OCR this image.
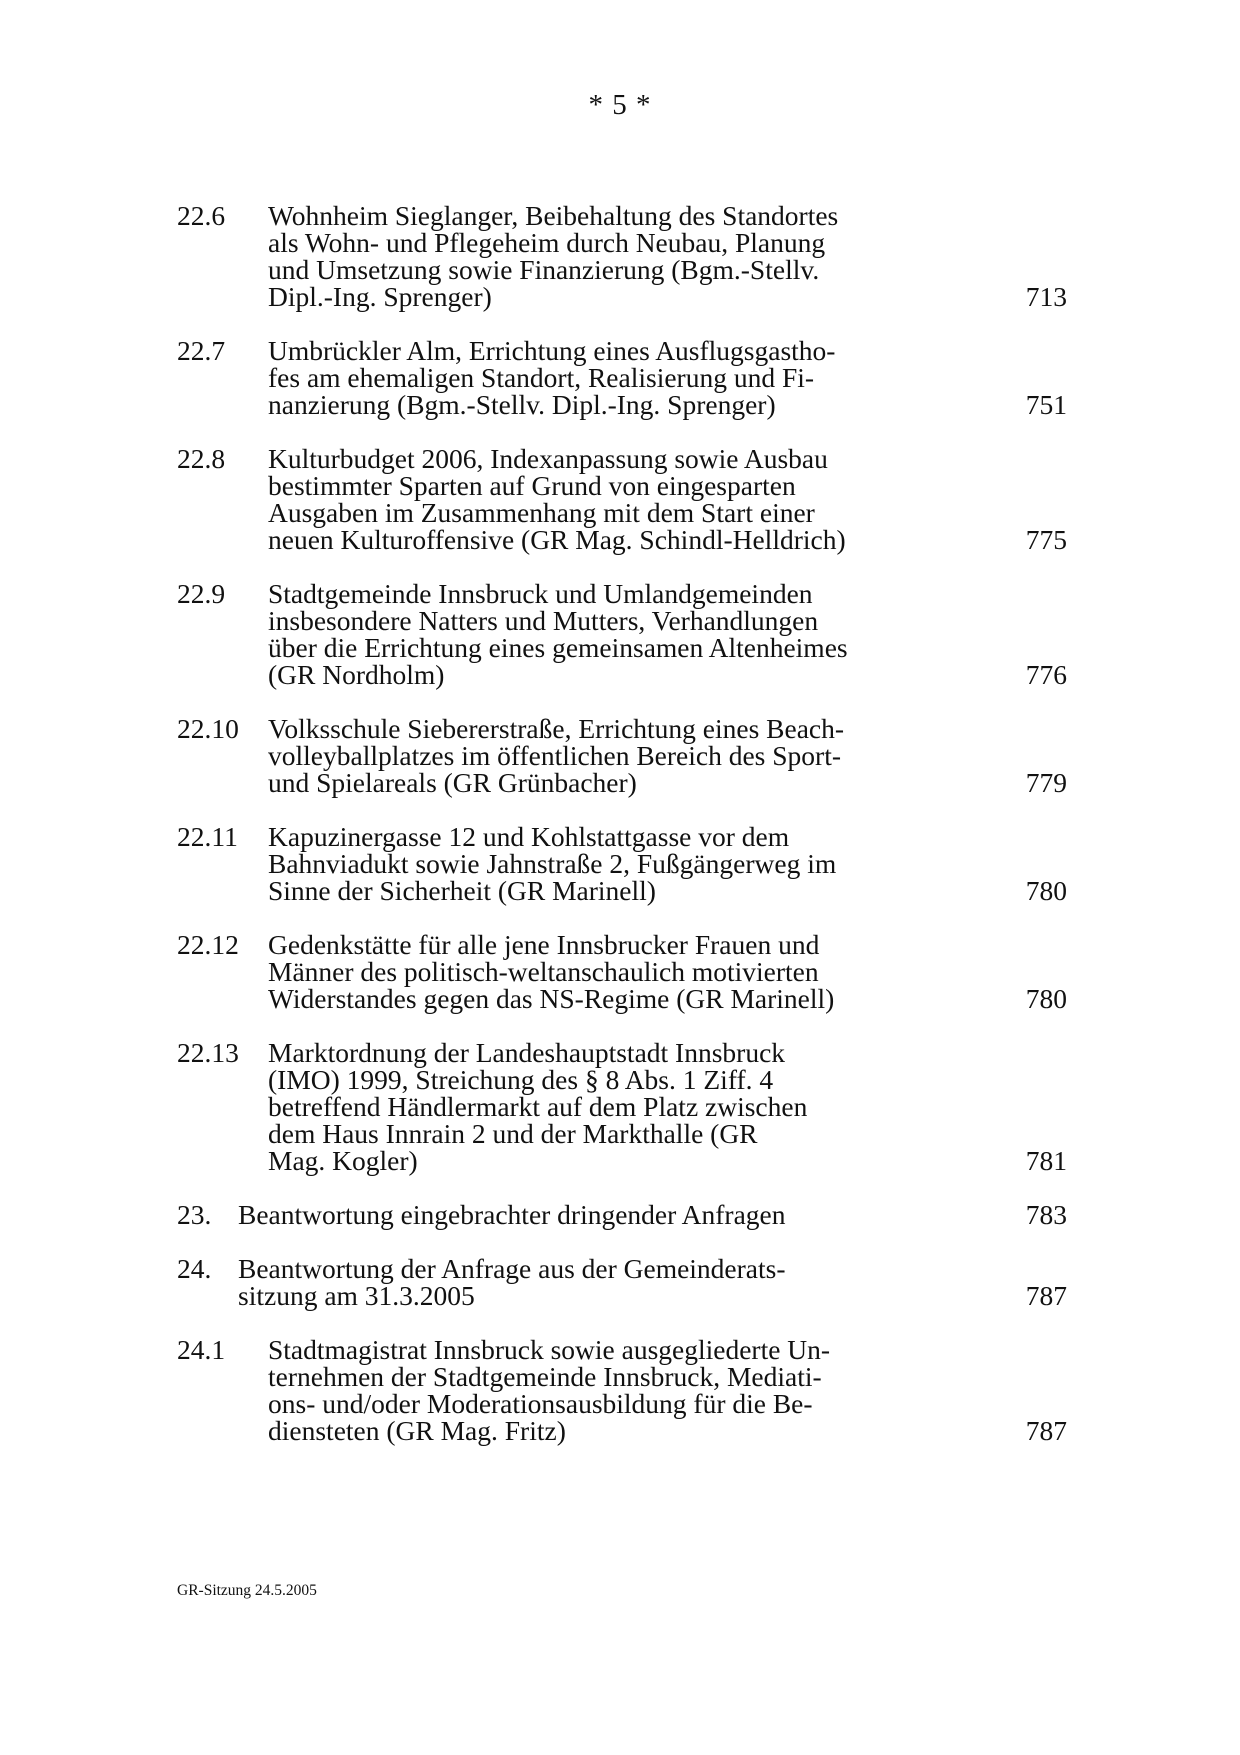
* 5 *
22.6 Wohnheim Sieglanger, Beibehaltung des Standortes
als Wohn- und Pflegeheim durch Neubau, Planung
und Umsetzung sowie Finanzierung (Bgm.-Stellv.
Dipl.-Ing. Sprenger)	713
22.7 Umbrückler Alm, Errichtung eines Ausflugsgastho-
fes am ehemaligen Standort, Realisierung und Fi-
nanzierung (Bgm.-Stellv. Dipl.-Ing. Sprenger)	751
22.8 Kulturbudget 2006, Indexanpassung sowie Ausbau
bestimmter Sparten auf Grund von eingesparten
Ausgaben im Zusammenhang mit dem Start einer
neuen Kulturoffensive (GR Mag. Schindl-Helldrich)	775
22.9 Stadtgemeinde Innsbruck und Umlandgemeinden
insbesondere Natters und Mutters, Verhandlungen
über die Errichtung eines gemeinsamen Altenheimes
(GR Nordholm)	776
22.10 Volksschule Siebererstraße, Errichtung eines Beach-
volleyballplatzes im öffentlichen Bereich des Sport-
und Spielareals (GR Grünbacher)	779
22.11 Kapuzinergasse 12 und Kohlstattgasse vor dem
Bahnviadukt sowie Jahnstraße 2, Fußgängerweg im
Sinne der Sicherheit (GR Marinell)	780
22.12 Gedenkstätte für alle jene Innsbrucker Frauen und
Männer des politisch-weltanschaulich motivierten
Widerstandes gegen das NS-Regime (GR Marinell)	780
22.13 Marktordnung der Landeshauptstadt Innsbruck
(IMO) 1999, Streichung des § 8 Abs. 1 Ziff. 4
betreffend Händlermarkt auf dem Platz zwischen
dem Haus Innrain 2 und der Markthalle (GR
Mag. Kogler)	781
23. Beantwortung eingebrachter dringender Anfragen	783
24. Beantwortung der Anfrage aus der Gemeinderats-
sitzung am 31.3.2005	787
24.1 Stadtmagistrat Innsbruck sowie ausgegliederte Un-
ternehmen der Stadtgemeinde Innsbruck, Mediati-
ons- und/oder Moderationsausbildung für die Be-
diensteten (GR Mag. Fritz)	787
GR-Sitzung 24.5.2005
